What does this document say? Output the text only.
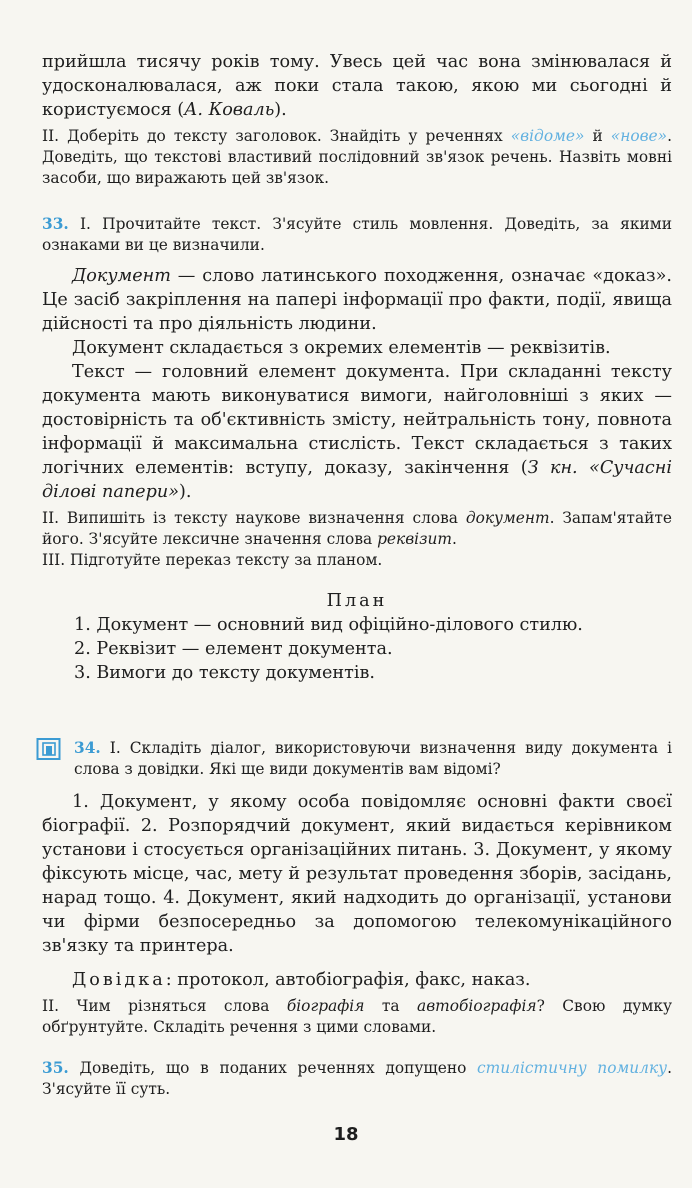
прийшла тисячу років тому. Увесь цей час вона змінювалася й удосконалювалася, аж поки стала такою, якою ми сьогодні й користуємося (А. Коваль).

ІІ. Доберіть до тексту заголовок. Знайдіть у реченнях «відоме» й «нове». Доведіть, що текстові властивий послідовний зв'язок речень. Назвіть мовні засоби, що виражають цей зв'язок.

33. І. Прочитайте текст. З'ясуйте стиль мовлення. Доведіть, за якими ознаками ви це визначили.

Документ — слово латинського походження, означає «доказ». Це засіб закріплення на папері інформації про факти, події, явища дійсності та про діяльність людини.

Документ складається з окремих елементів — реквізитів.

Текст — головний елемент документа. При складанні тексту документа мають виконуватися вимоги, найголовніші з яких — достовірність та об'єктивність змісту, нейтральність тону, повнота інформації й максимальна стислість. Текст складається з таких логічних елементів: вступу, доказу, закінчення (З кн. «Сучасні ділові папери»).

ІІ. Випишіть із тексту наукове визначення слова документ. Запам'ятайте його. З'ясуйте лексичне значення слова реквізит.

ІІІ. Підготуйте переказ тексту за планом.

План

1. Документ — основний вид офіційно-ділового стилю.

2. Реквізит — елемент документа.

3. Вимоги до тексту документів.

34. І. Складіть діалог, використовуючи визначення виду документа і слова з довідки. Які ще види документів вам відомі?

1. Документ, у якому особа повідомляє основні факти своєї біографії. 2. Розпорядчий документ, який видається керівником установи і стосується організаційних питань. 3. Документ, у якому фіксують місце, час, мету й результат проведення зборів, засідань, нарад тощо. 4. Документ, який надходить до організації, установи чи фірми безпосередньо за допомогою телекомунікаційного зв'язку та принтера.

Довідка: протокол, автобіографія, факс, наказ.

ІІ. Чим різняться слова біографія та автобіографія? Свою думку обґрунтуйте. Складіть речення з цими словами.

35. Доведіть, що в поданих реченнях допущено стилістичну помилку. З'ясуйте її суть.

18
